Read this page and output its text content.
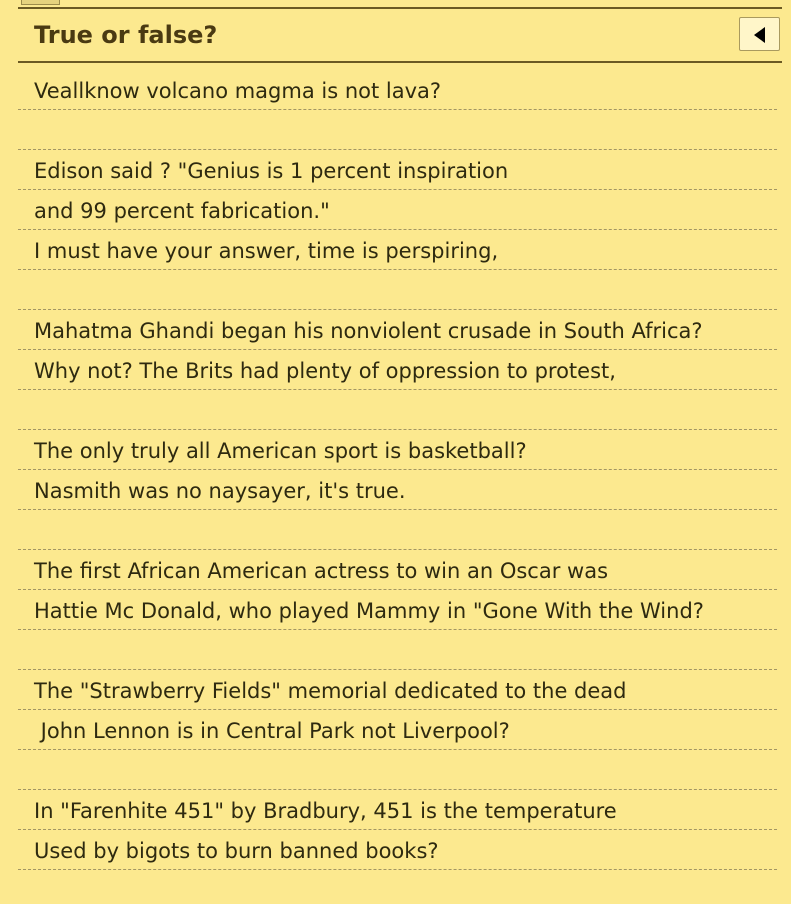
True or false?
Veallknow volcano magma is not lava?
Edison said ? "Genius is 1 percent inspiration
and 99 percent fabrication."
I must have your answer, time is perspiring,
Mahatma Ghandi began his nonviolent crusade in South Africa?
Why not? The Brits had plenty of oppression to protest,
The only truly all American sport is basketball?
Nasmith was no naysayer, it's true.
The first African American actress to win an Oscar was
Hattie Mc Donald, who played Mammy in "Gone With the Wind?
The "Strawberry Fields" memorial dedicated to the dead
John Lennon is in Central Park not Liverpool?
In "Farenhite 451" by Bradbury, 451 is the temperature
Used by bigots to burn banned books?
